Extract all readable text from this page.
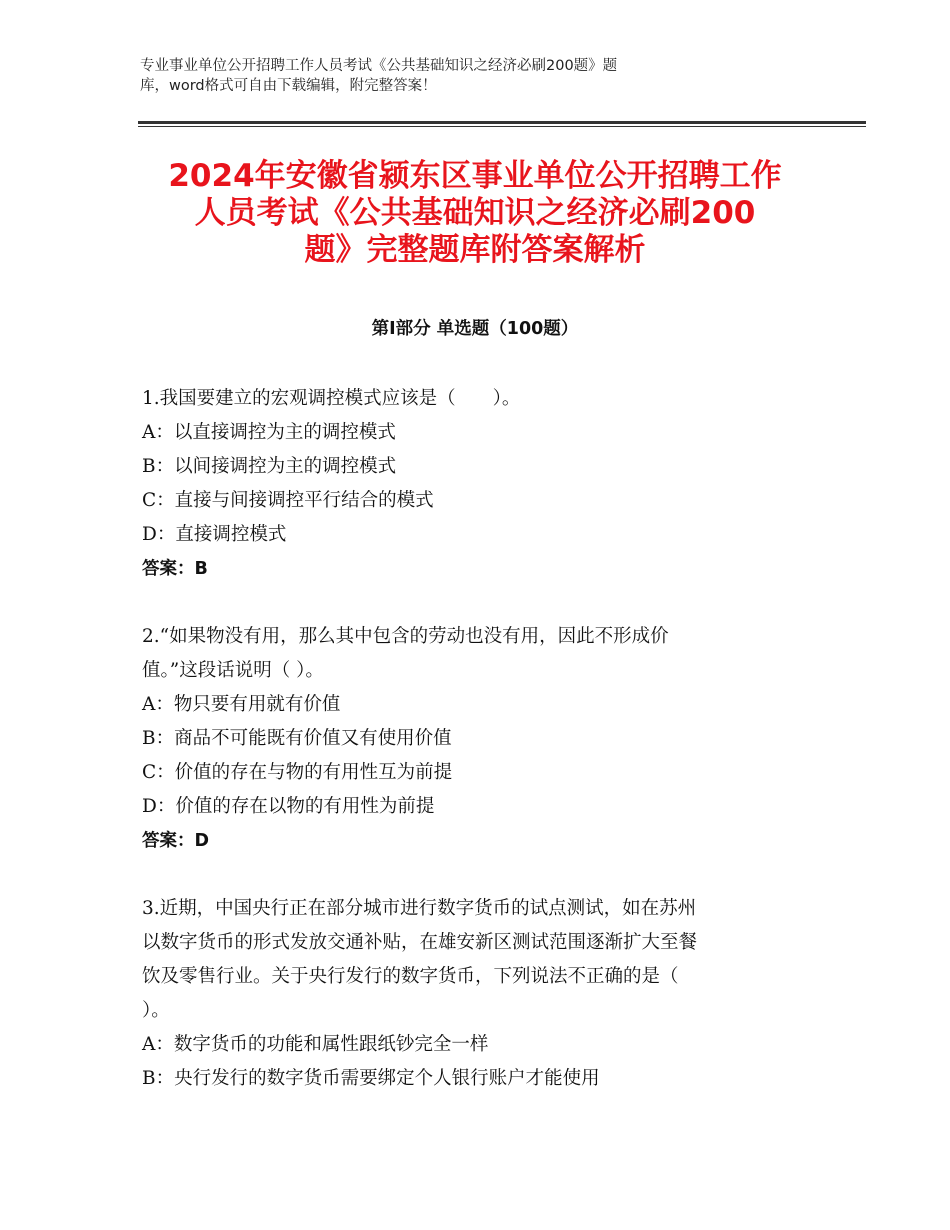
专业事业单位公开招聘工作人员考试《公共基础知识之经济必刷200题》题
库，word格式可自由下载编辑，附完整答案！
2024年安徽省颍东区事业单位公开招聘工作
人员考试《公共基础知识之经济必刷200
题》完整题库附答案解析
第Ⅰ部分 单选题（100题）
1.我国要建立的宏观调控模式应该是（　　）。
A：以直接调控为主的调控模式
B：以间接调控为主的调控模式
C：直接与间接调控平行结合的模式
D：直接调控模式
答案：B
2.“如果物没有用，那么其中包含的劳动也没有用，因此不形成价
值。”这段话说明（ ）。
A：物只要有用就有价值
B：商品不可能既有价值又有使用价值
C：价值的存在与物的有用性互为前提
D：价值的存在以物的有用性为前提
答案：D
3.近期，中国央行正在部分城市进行数字货币的试点测试，如在苏州
以数字货币的形式发放交通补贴，在雄安新区测试范围逐渐扩大至餐
饮及零售行业。关于央行发行的数字货币，下列说法不正确的是（
）。
A：数字货币的功能和属性跟纸钞完全一样
B：央行发行的数字货币需要绑定个人银行账户才能使用
